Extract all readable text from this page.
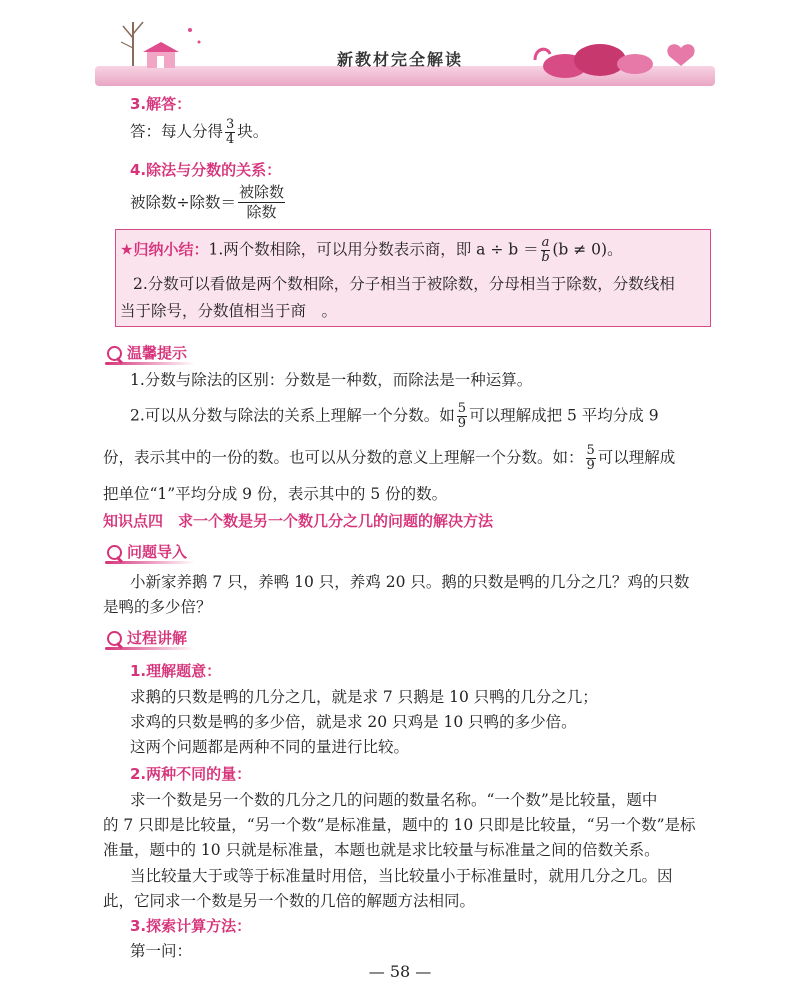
新教材完全解读
3.解答：
答：每人分得 $\frac{3}{4}$ 块。
4.除法与分数的关系：
被除数÷除数＝ $\frac{\text{被除数}}{\text{除数}}$
★归纳小结：1.两个数相除，可以用分数表示商，即 $a \div b = \frac{a}{b} (b \ne 0)$。
2.分数可以看做是两个数相除，分子相当于被除数，分母相当于除数，分数线相
当于除号，分数值相当于商　。
温馨提示
1.分数与除法的区别：分数是一种数，而除法是一种运算。
2.可以从分数与除法的关系上理解一个分数。如 $\frac{5}{9}$ 可以理解成把 5 平均分成 9
份，表示其中的一份的数。也可以从分数的意义上理解一个分数。如： $\frac{5}{9}$ 可以理解成
把单位“1”平均分成 9 份，表示其中的 5 份的数。
知识点四　求一个数是另一个数几分之几的问题的解决方法
问题导入
小新家养鹅 7 只，养鸭 10 只，养鸡 20 只。鹅的只数是鸭的几分之几？鸡的只数
是鸭的多少倍？
过程讲解
1.理解题意：
求鹅的只数是鸭的几分之几，就是求 7 只鹅是 10 只鸭的几分之几；
求鸡的只数是鸭的多少倍，就是求 20 只鸡是 10 只鸭的多少倍。
这两个问题都是两种不同的量进行比较。
2.两种不同的量：
求一个数是另一个数的几分之几的问题的数量名称。“一个数”是比较量，题中
的 7 只即是比较量，“另一个数”是标准量，题中的 10 只即是比较量，“另一个数”是标
准量，题中的 10 只就是标准量，本题也就是求比较量与标准量之间的倍数关系。
当比较量大于或等于标准量时用倍，当比较量小于标准量时，就用几分之几。因
此，它同求一个数是另一个数的几倍的解题方法相同。
3.探索计算方法：
第一问：
— 58 —
